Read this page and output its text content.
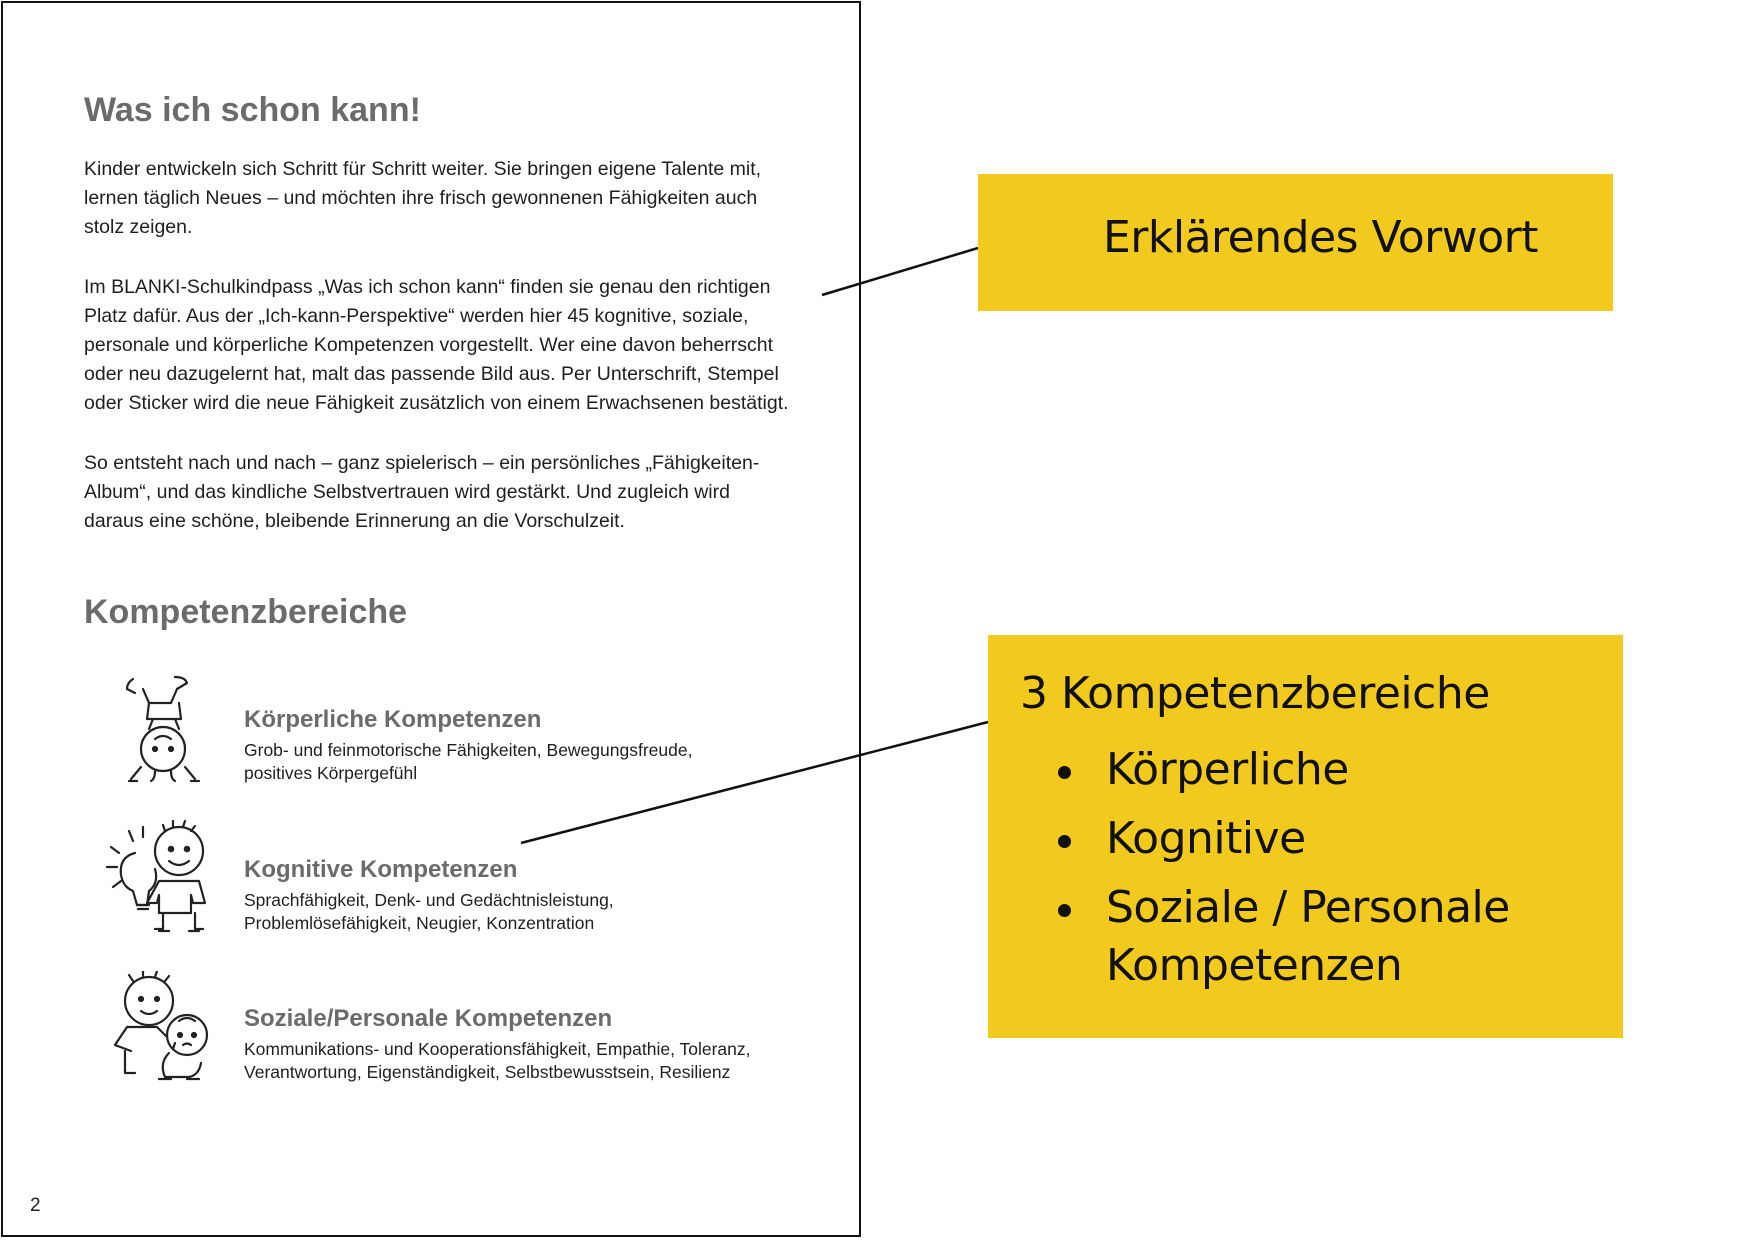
Was ich schon kann!

Kinder entwickeln sich Schritt für Schritt weiter. Sie bringen eigene Talente mit,
lernen täglich Neues – und möchten ihre frisch gewonnenen Fähigkeiten auch
stolz zeigen.

Im BLANKI-Schulkindpass „Was ich schon kann“ finden sie genau den richtigen
Platz dafür. Aus der „Ich-kann-Perspektive“ werden hier 45 kognitive, soziale,
personale und körperliche Kompetenzen vorgestellt. Wer eine davon beherrscht
oder neu dazugelernt hat, malt das passende Bild aus. Per Unterschrift, Stempel
oder Sticker wird die neue Fähigkeit zusätzlich von einem Erwachsenen bestätigt.

So entsteht nach und nach – ganz spielerisch – ein persönliches „Fähigkeiten-
Album“, und das kindliche Selbstvertrauen wird gestärkt. Und zugleich wird
daraus eine schöne, bleibende Erinnerung an die Vorschulzeit.

Kompetenzbereiche
Körperliche Kompetenzen
Grob- und feinmotorische Fähigkeiten, Bewegungsfreude,
positives Körpergefühl
Kognitive Kompetenzen
Sprachfähigkeit, Denk- und Gedächtnisleistung,
Problemlösefähigkeit, Neugier, Konzentration
Soziale/Personale Kompetenzen
Kommunikations- und Kooperationsfähigkeit, Empathie, Toleranz,
Verantwortung, Eigenständigkeit, Selbstbewusstsein, Resilienz
2
Erklärendes Vorwort
3 Kompetenzbereiche
Körperliche
Kognitive
Soziale / Personale
Kompetenzen
